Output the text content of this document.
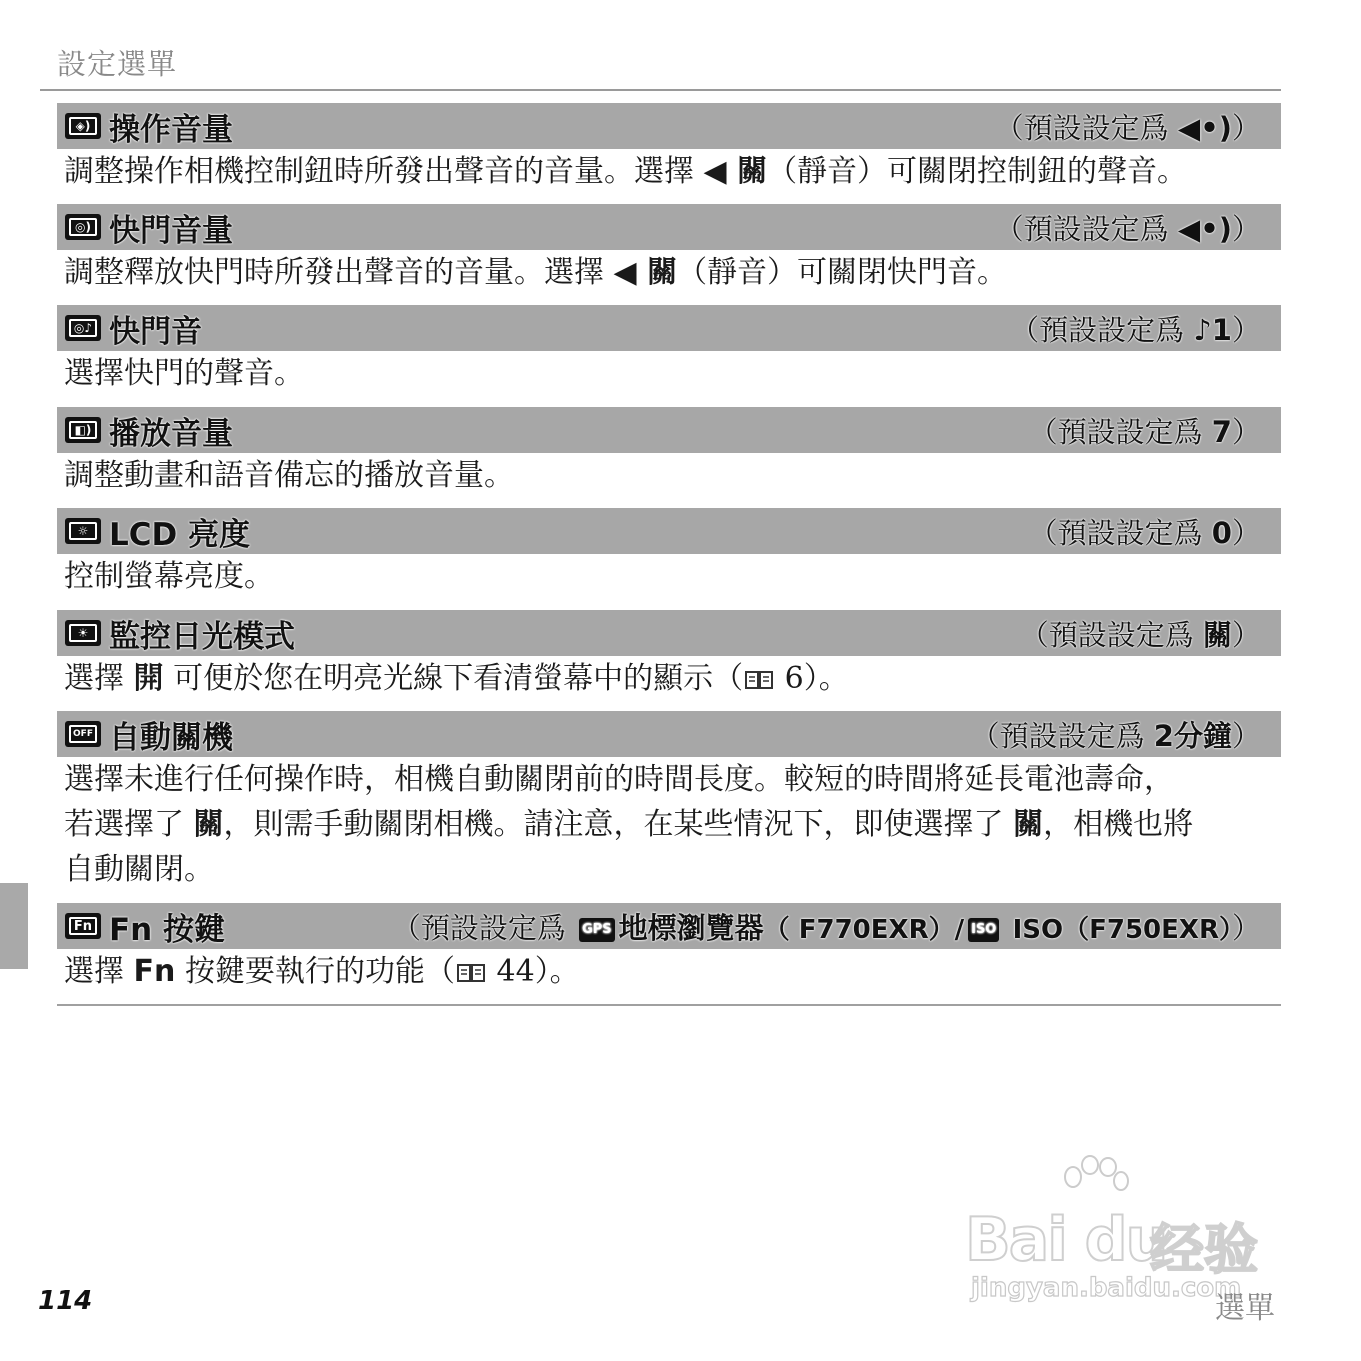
設定選單
◈) 操作音量	（預設設定爲 ◀•)）
調整操作相機控制鈕時所發出聲音的音量。選擇 ◀ 關（靜音）可關閉控制鈕的聲音。
◎) 快門音量	（預設設定爲 ◀•)）
調整釋放快門時所發出聲音的音量。選擇 ◀ 關（靜音）可關閉快門音。
◎♪ 快門音	（預設設定爲 ♪1）
選擇快門的聲音。
◧) 播放音量	（預設設定爲 7）
調整動畫和語音備忘的播放音量。
☼ LCD 亮度	（預設設定爲 0）
控制螢幕亮度。
☀ 監控日光模式	（預設設定爲 關）
選擇 開 可便於您在明亮光線下看清螢幕中的顯示（ 6）。
OFF 自動關機	（預設設定爲 2分鐘）
選擇未進行任何操作時，相機自動關閉前的時間長度。較短的時間將延長電池壽命，
若選擇了 關，則需手動關閉相機。請注意，在某些情況下，即使選擇了 關，相機也將
自動關閉。
Fn Fn 按鍵	（預設設定爲 GPS 地標瀏覽器（ F770EXR）/ ISO ISO（F750EXR））
選擇 Fn 按鍵要執行的功能（ 44）。
Bai du
经验
jingyan.baidu.com
114	選單
